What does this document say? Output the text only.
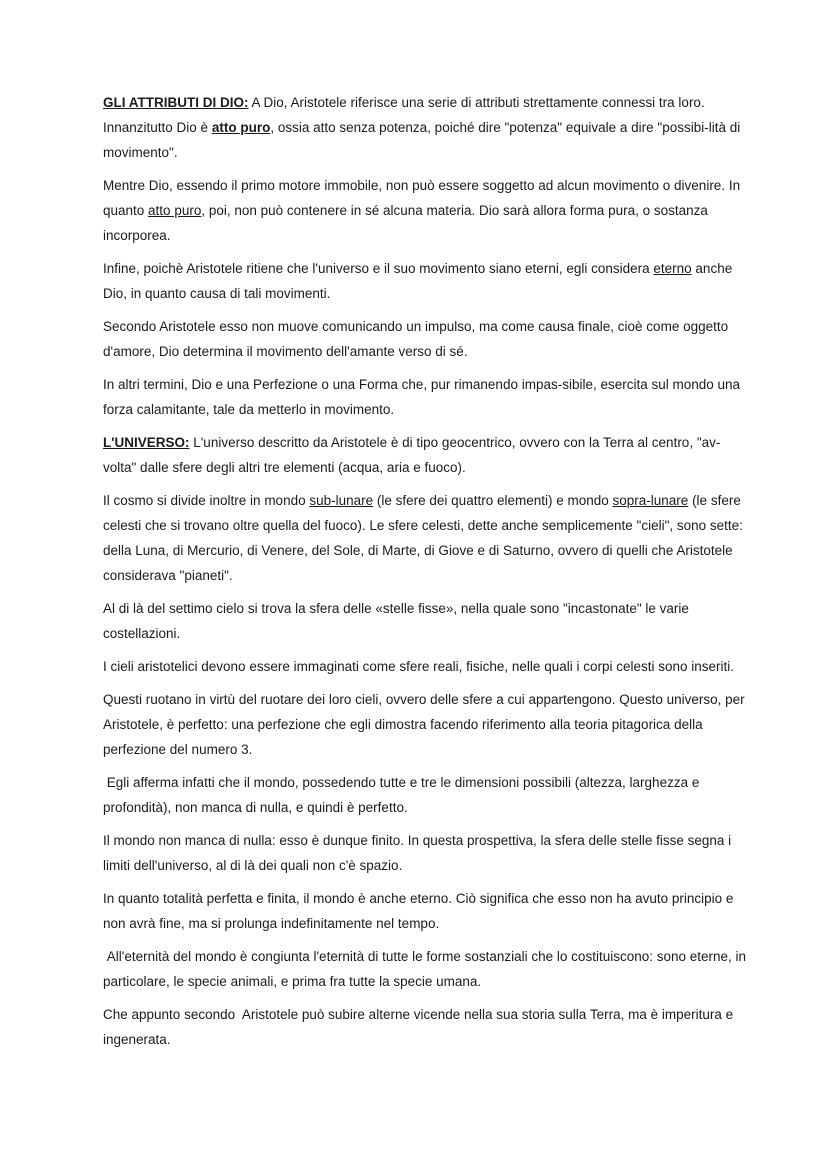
GLI ATTRIBUTI DI DIO: A Dio, Aristotele riferisce una serie di attributi strettamente connessi tra loro. Innanzitutto Dio è atto puro, ossia atto senza potenza, poiché dire "potenza" equivale a dire "possibi-lità di movimento".

Mentre Dio, essendo il primo motore immobile, non può essere soggetto ad alcun movimento o divenire. In quanto atto puro, poi, non può contenere in sé alcuna materia. Dio sarà allora forma pura, o sostanza incorporea.

Infine, poichè Aristotele ritiene che l'universo e il suo movimento siano eterni, egli considera eterno anche Dio, in quanto causa di tali movimenti.

Secondo Aristotele esso non muove comunicando un impulso, ma come causa finale, cioè come oggetto d'amore, Dio determina il movimento dell'amante verso di sé.

In altri termini, Dio e una Perfezione o una Forma che, pur rimanendo impas-sibile, esercita sul mondo una forza calamitante, tale da metterlo in movimento.

L'UNIVERSO: L'universo descritto da Aristotele è di tipo geocentrico, ovvero con la Terra al centro, "av-volta" dalle sfere degli altri tre elementi (acqua, aria e fuoco).

Il cosmo si divide inoltre in mondo sub-lunare (le sfere dei quattro elementi) e mondo sopra-lunare (le sfere celesti che si trovano oltre quella del fuoco). Le sfere celesti, dette anche semplicemente "cieli", sono sette: della Luna, di Mercurio, di Venere, del Sole, di Marte, di Giove e di Saturno, ovvero di quelli che Aristotele considerava "pianeti".

Al di là del settimo cielo si trova la sfera delle «stelle fisse», nella quale sono "incastonate" le varie costellazioni.

I cieli aristotelici devono essere immaginati come sfere reali, fisiche, nelle quali i corpi celesti sono inseriti.

Questi ruotano in virtù del ruotare dei loro cieli, ovvero delle sfere a cui appartengono. Questo universo, per Aristotele, è perfetto: una perfezione che egli dimostra facendo riferimento alla teoria pitagorica della perfezione del numero 3.

Egli afferma infatti che il mondo, possedendo tutte e tre le dimensioni possibili (altezza, larghezza e profondità), non manca di nulla, e quindi è perfetto.

Il mondo non manca di nulla: esso è dunque finito. In questa prospettiva, la sfera delle stelle fisse segna i limiti dell'universo, al di là dei quali non c'è spazio.

In quanto totalità perfetta e finita, il mondo è anche eterno. Ciò significa che esso non ha avuto principio e non avrà fine, ma si prolunga indefinitamente nel tempo.

All'eternità del mondo è congiunta l'eternità di tutte le forme sostanziali che lo costituiscono: sono eterne, in particolare, le specie animali, e prima fra tutte la specie umana.

Che appunto secondo  Aristotele può subire alterne vicende nella sua storia sulla Terra, ma è imperitura e ingenerata.
